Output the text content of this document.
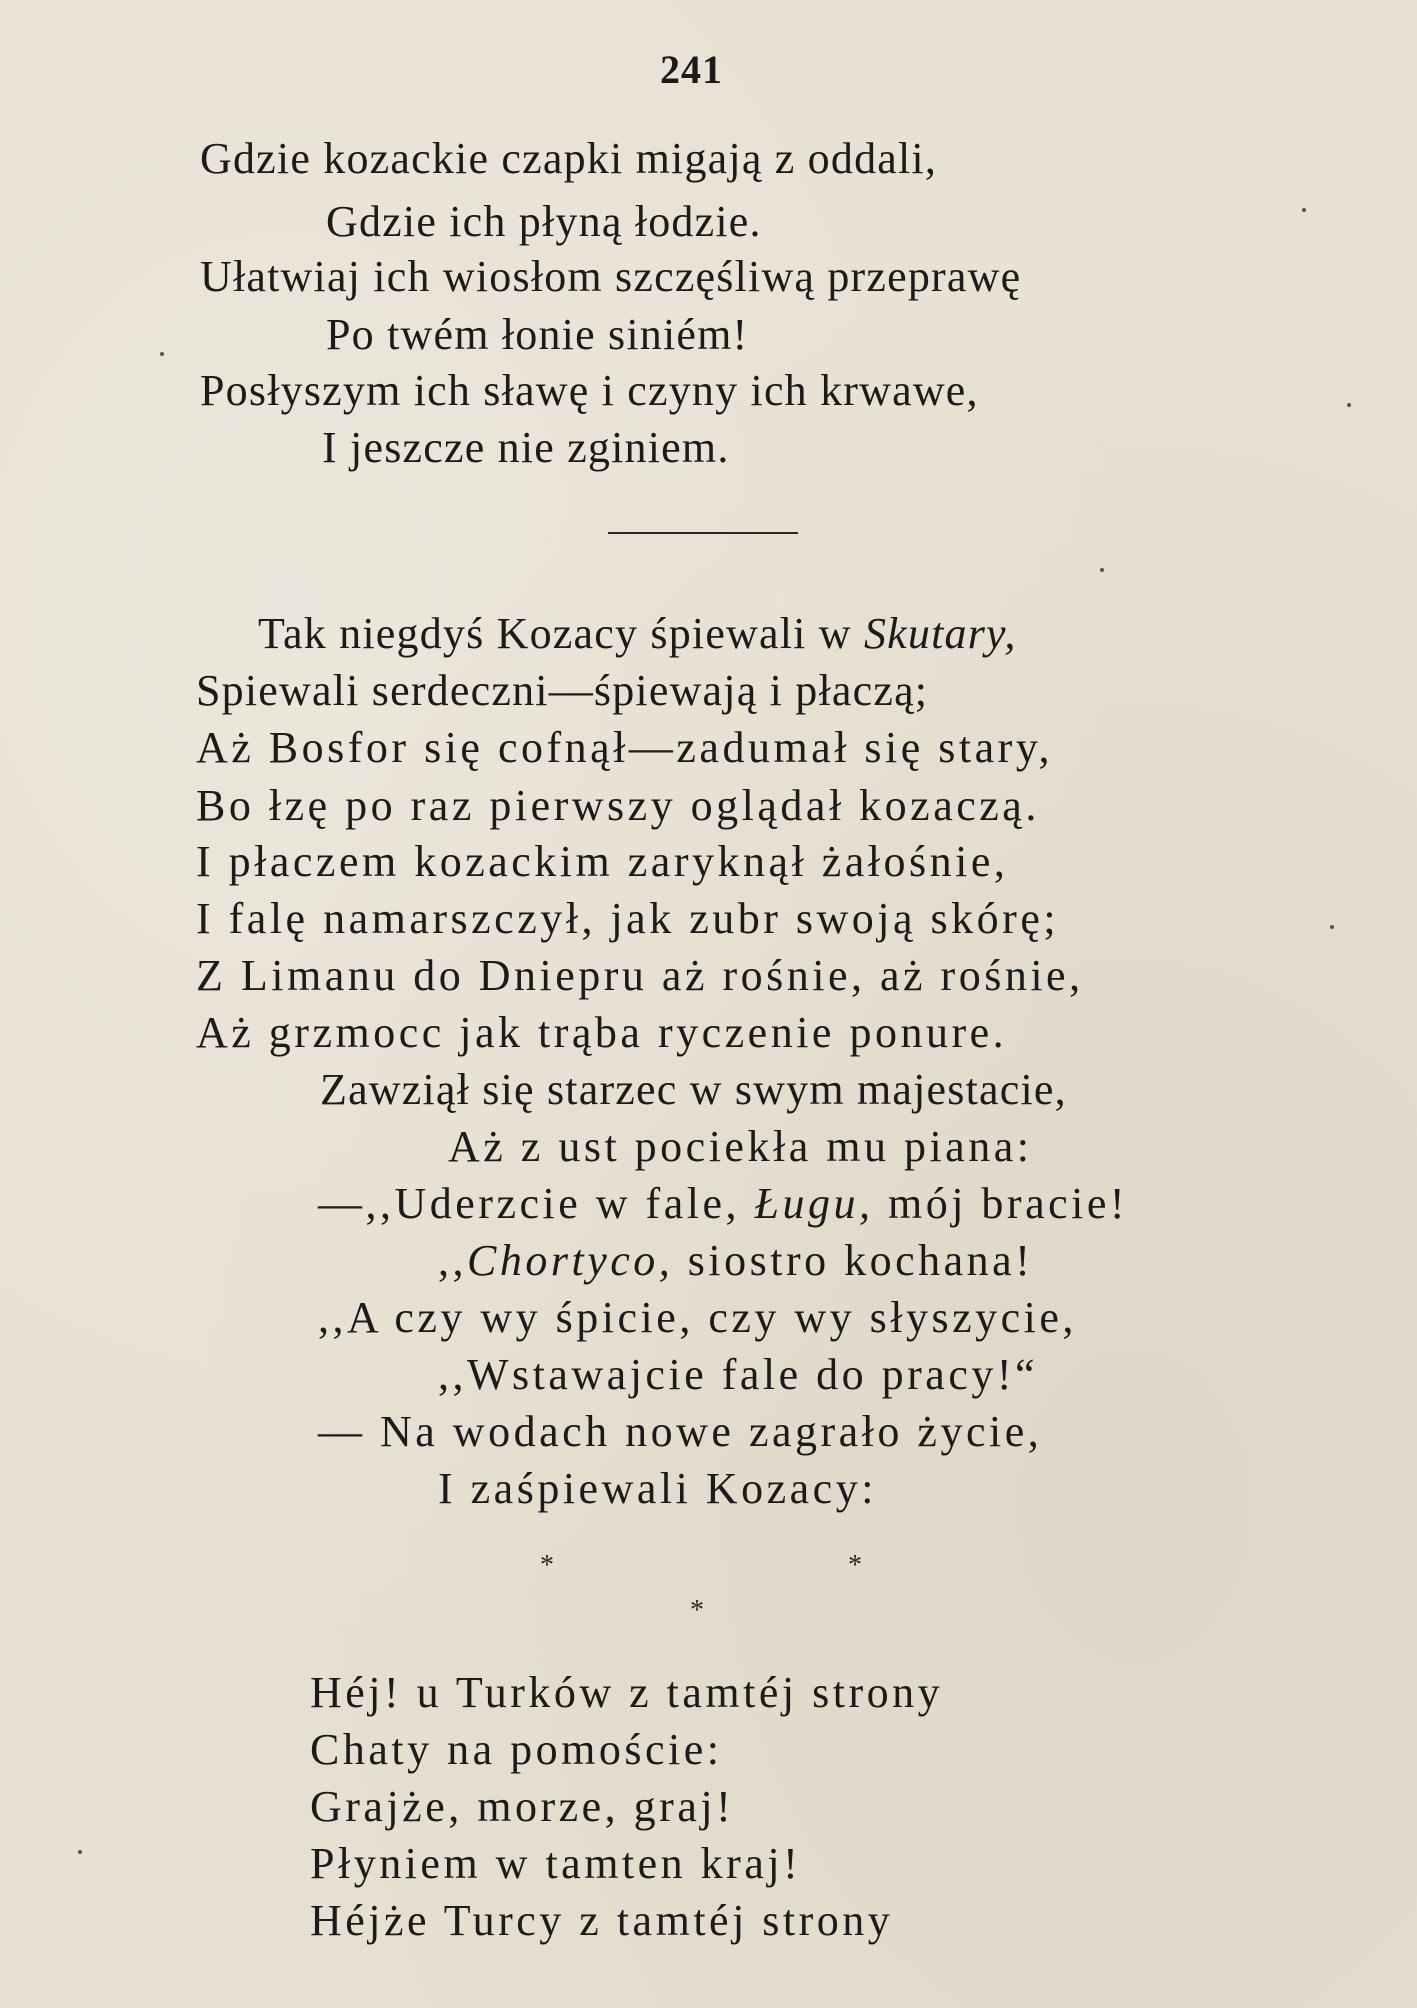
241
Gdzie kozackie czapki migają z oddali,
Gdzie ich płyną łodzie.
Ułatwiaj ich wiosłom szczęśliwą przeprawę
Po twém łonie siniém!
Posłyszym ich sławę i czyny ich krwawe,
I jeszcze nie zginiem.
Tak niegdyś Kozacy śpiewali w Skutary,
Spiewali serdeczni—śpiewają i płaczą;
Aż Bosfor się cofnął—zadumał się stary,
Bo łzę po raz pierwszy oglądał kozaczą.
I płaczem kozackim zaryknął żałośnie,
I falę namarszczył, jak zubr swoją skórę;
Z Limanu do Dniepru aż rośnie, aż rośnie,
Aż grzmocc jak trąba ryczenie ponure.
Zawziął się starzec w swym majestacie,
Aż z ust pociekła mu piana:
—,,Uderzcie w fale, Ługu, mój bracie!
,,Chortyco, siostro kochana!
,,A czy wy śpicie, czy wy słyszycie,
,,Wstawajcie fale do pracy!“
— Na wodach nowe zagrało życie,
I zaśpiewali Kozacy:
*	*
*
Héj! u Turków z tamtéj strony
Chaty na pomoście:
Grajże, morze, graj!
Płyniem w tamten kraj!
Héjże Turcy z tamtéj strony
